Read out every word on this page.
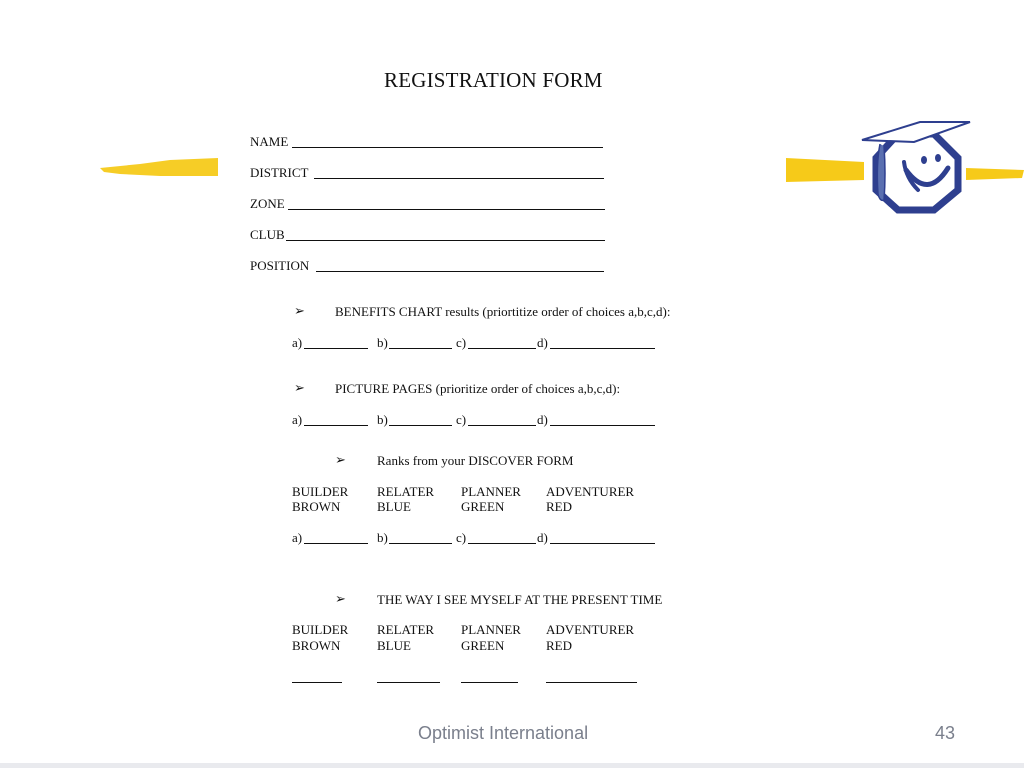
REGISTRATION FORM
NAME
DISTRICT
ZONE
CLUB
POSITION
➢ BENEFITS CHART results (priortitize order of choices a,b,c,d):
a)	b)	c)	d)
➢ PICTURE PAGES (prioritize order of choices a,b,c,d):
a)	b)	c)	d)
➢ Ranks from your DISCOVER FORM
BUILDER RELATER PLANNER ADVENTURER
BROWN	BLUE	GREEN	RED
a)	b)	c)	d)
➢ THE WAY I SEE MYSELF AT THE PRESENT TIME
BUILDER RELATER PLANNER ADVENTURER
BROWN	BLUE	GREEN	RED
Optimist International	43
